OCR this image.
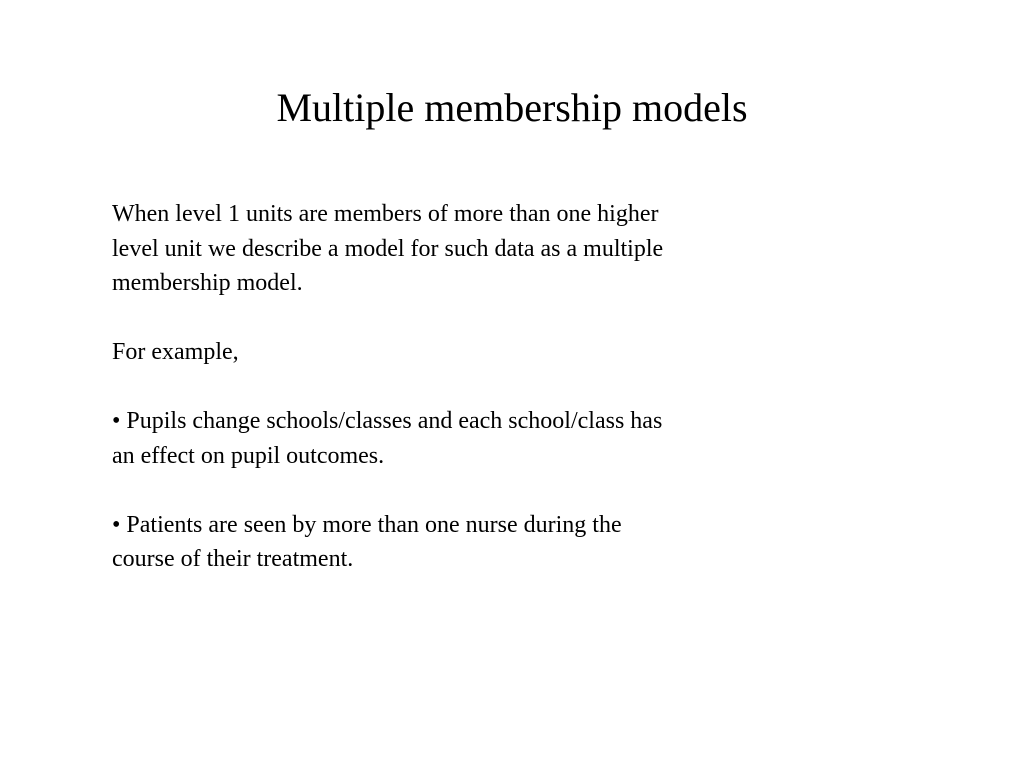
Multiple membership models

When level 1 units are members of more than one higher

level unit we describe a model for such data as a multiple

membership model.

For example,

• Pupils change schools/classes and each school/class has

an effect on pupil outcomes.

• Patients are seen by more than one nurse during the

course of their treatment.
